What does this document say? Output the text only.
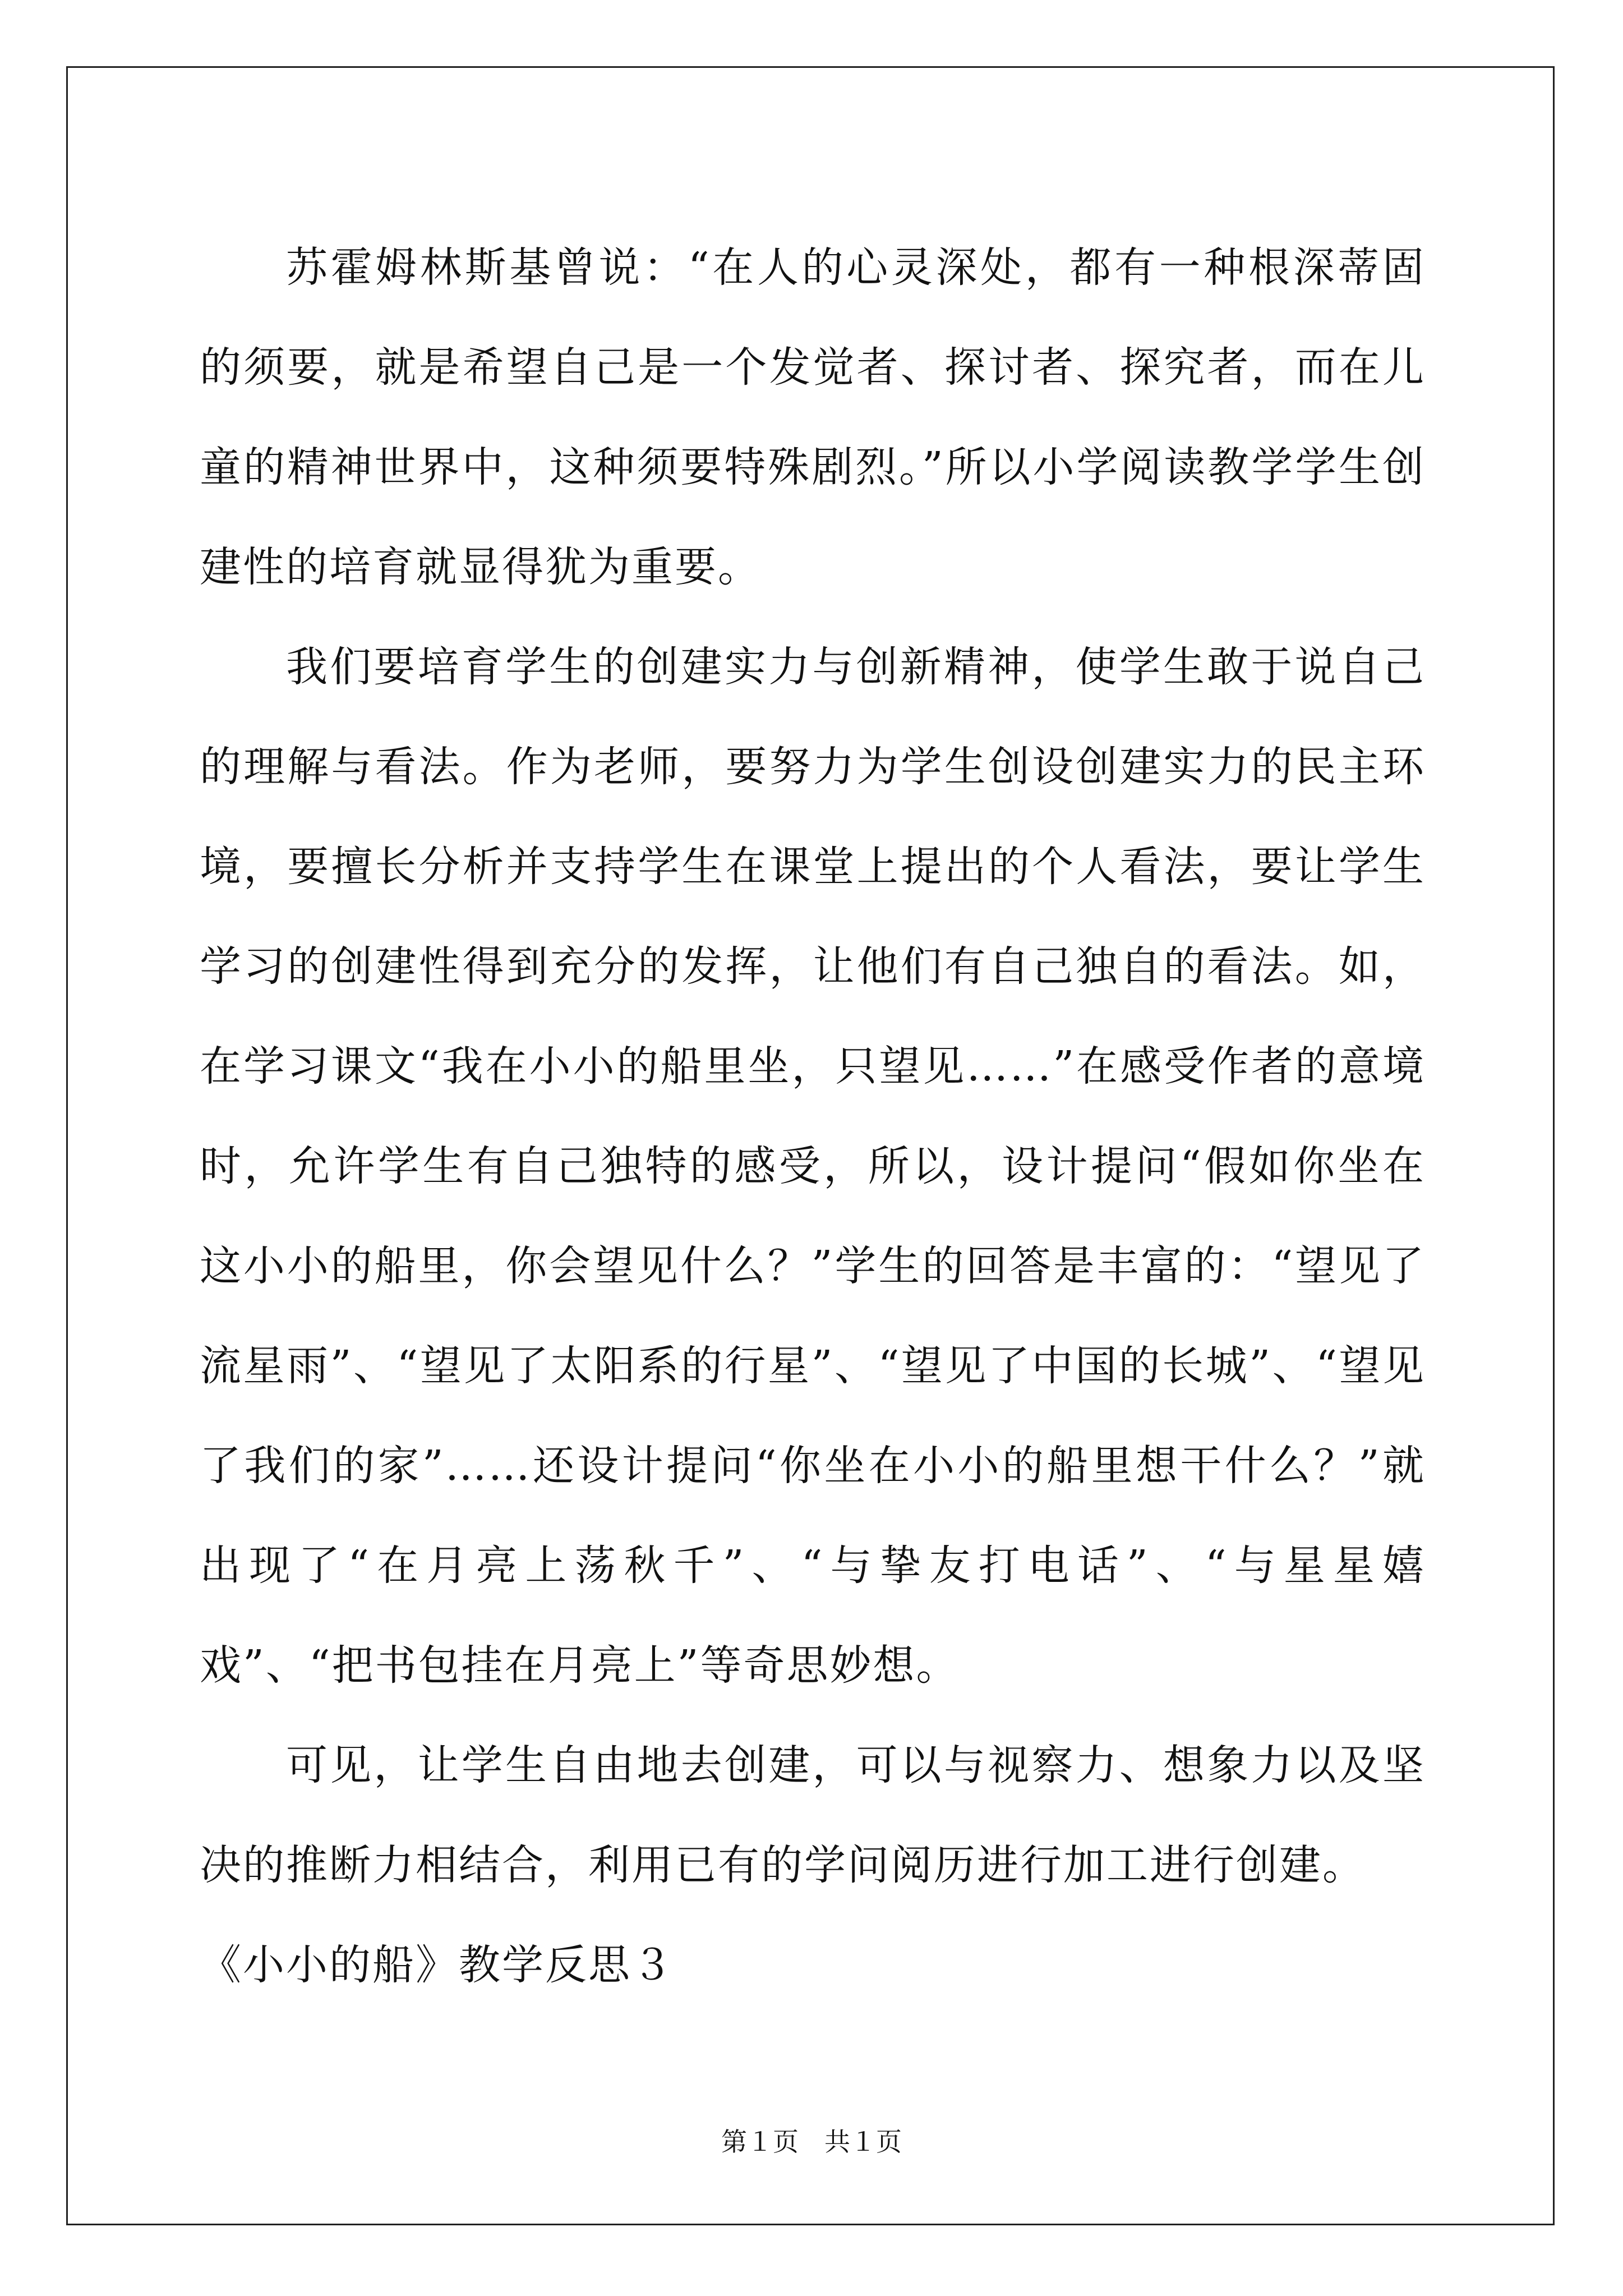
苏霍姆林斯基曾说：“在人的心灵深处，都有一种根深蒂固的须要，就是希望自己是一个发觉者、探讨者、探究者，而在儿童的精神世界中，这种须要特殊剧烈。”所以小学阅读教学学生创建性的培育就显得犹为重要。

我们要培育学生的创建实力与创新精神，使学生敢于说自己的理解与看法。作为老师，要努力为学生创设创建实力的民主环境，要擅长分析并支持学生在课堂上提出的个人看法，要让学生学习的创建性得到充分的发挥，让他们有自己独自的看法。如，在学习课文“我在小小的船里坐，只望见……”在感受作者的意境时，允许学生有自己独特的感受，所以，设计提问“假如你坐在这小小的船里，你会望见什么？”学生的回答是丰富的：“望见了流星雨”、“望见了太阳系的行星”、“望见了中国的长城”、“望见了我们的家”……还设计提问“你坐在小小的船里想干什么？”就出现了“在月亮上荡秋千”、“与挚友打电话”、“与星星嬉戏”、“把书包挂在月亮上”等奇思妙想。

可见，让学生自由地去创建，可以与视察力、想象力以及坚决的推断力相结合，利用已有的学问阅历进行加工进行创建。

《小小的船》教学反思３

第１页　共１页
